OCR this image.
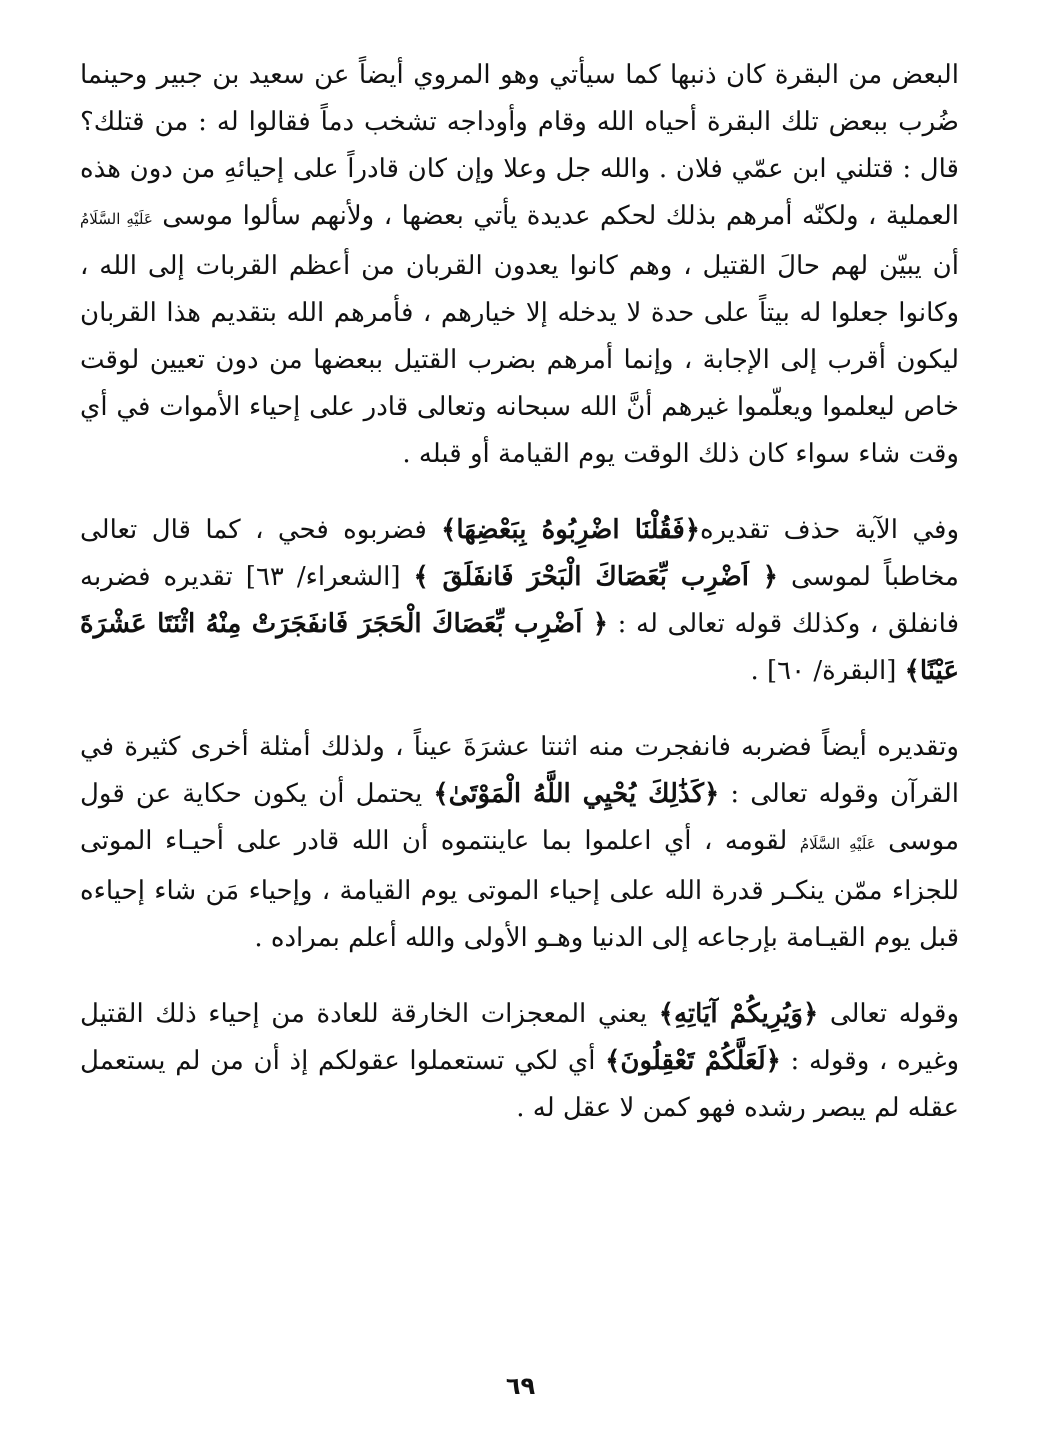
البعض من البقرة كان ذنبها كما سيأتي وهو المروي أيضاً عن سعيد بن جبير وحينما ضُرب ببعض تلك البقرة أحياه الله وقام وأوداجه تشخب دماً فقالوا له : من قتلك؟ قال : قتلني ابن عمّي فلان . والله جل وعلا وإن كان قادراً على إحيائهِ من دون هذه العملية ، ولكنّه أمرهم بذلك لحكم عديدة يأتي بعضها ، ولأنهم سألوا موسى عَلَيْهِ السَّلَامُ أن يبيّن لهم حالَ القتيل ، وهم كانوا يعدون القربان من أعظم القربات إلى الله ، وكانوا جعلوا له بيتاً على حدة لا يدخله إلا خيارهم ، فأمرهم الله بتقديم هذا القربان ليكون أقرب إلى الإجابة ، وإنما أمرهم بضرب القتيل ببعضها من دون تعيين لوقت خاص ليعلموا ويعلّموا غيرهم أنَّ الله سبحانه وتعالى قادر على إحياء الأموات في أي وقت شاء سواء كان ذلك الوقت يوم القيامة أو قبله .

وفي الآية حذف تقديره﴿فَقُلْنَا اضْرِبُوهُ بِبَعْضِهَا﴾ فضربوه فحي ، كما قال تعالى مخاطباً لموسى ﴿ اَضْرِب بِّعَصَاكَ الْبَحْرَ فَانفَلَقَ ﴾ [الشعراء/ ٦٣] تقديره فضربه فانفلق ، وكذلك قوله تعالى له : ﴿ اَضْرِب بِّعَصَاكَ الْحَجَرَ فَانفَجَرَتْ مِنْهُ اثْنَتَا عَشْرَةَ عَيْنًا﴾ [البقرة/ ٦٠] .

وتقديره أيضاً فضربه فانفجرت منه اثنتا عشرَةَ عيناً ، ولذلك أمثلة أخرى كثيرة في القرآن وقوله تعالى : ﴿كَذَٰلِكَ يُحْيِي اللَّهُ الْمَوْتَىٰ﴾ يحتمل أن يكون حكاية عن قول موسى عَلَيْهِ السَّلَامُ لقومه ، أي اعلموا بما عاينتموه أن الله قادر على أحيـاء الموتى للجزاء ممّن ينكـر قدرة الله على إحياء الموتى يوم القيامة ، وإحياء مَن شاء إحياءه قبل يوم القيـامة بإرجاعه إلى الدنيا وهـو الأولى والله أعلم بمراده .

وقوله تعالى ﴿وَيُرِيكُمْ آيَاتِهِ﴾ يعني المعجزات الخارقة للعادة من إحياء ذلك القتيل وغيره ، وقوله : ﴿لَعَلَّكُمْ تَعْقِلُونَ﴾ أي لكي تستعملوا عقولكم إذ أن من لم يستعمل عقله لم يبصر رشده فهو كمن لا عقل له .

٦٩
